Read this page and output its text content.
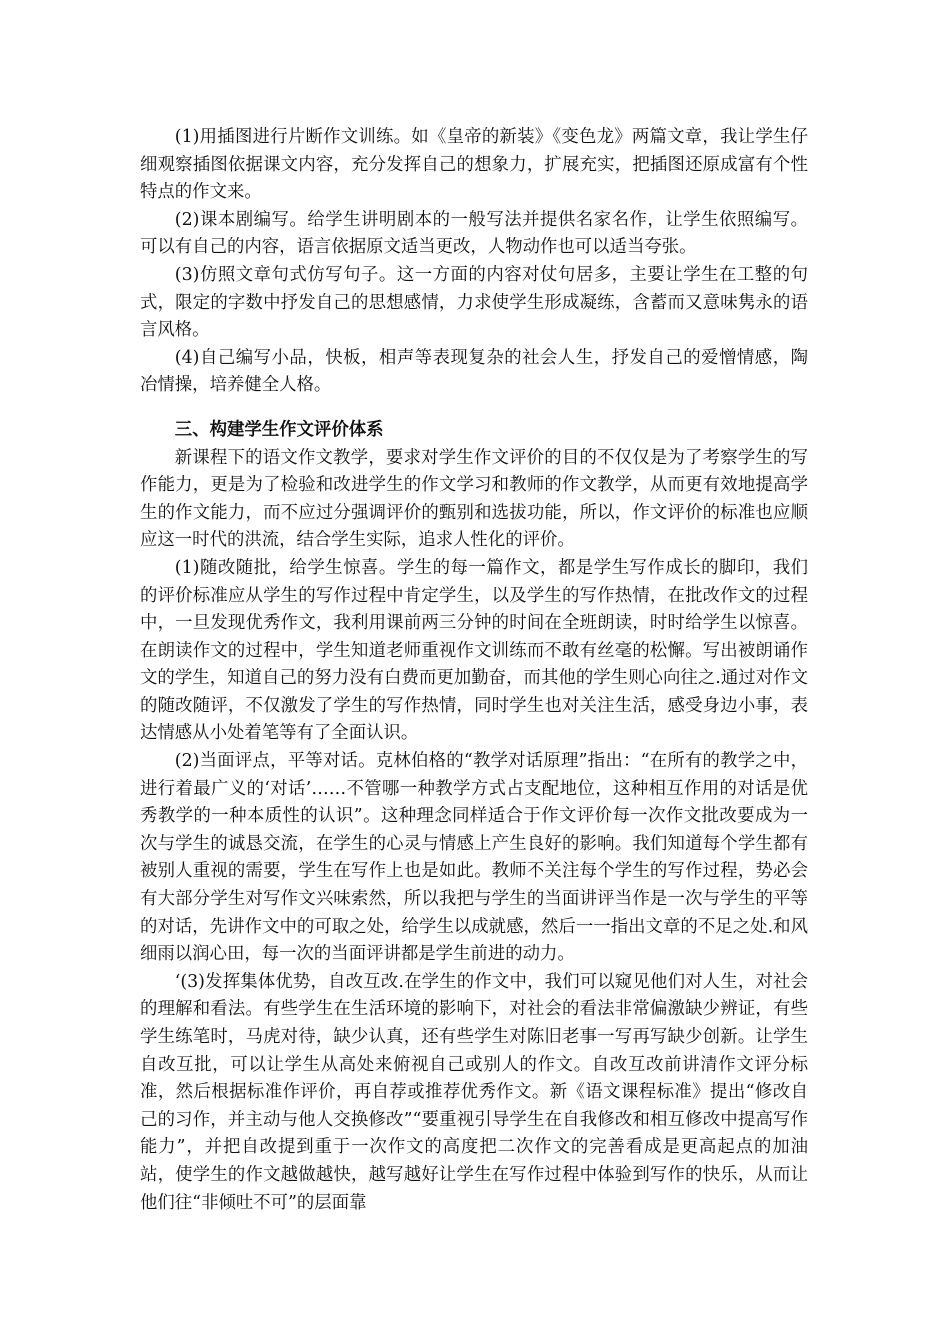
(1)用插图进行片断作文训练。如《皇帝的新装》《变色龙》两篇文章，我让学生仔细观察插图依据课文内容，充分发挥自己的想象力，扩展充实，把插图还原成富有个性特点的作文来。

(2)课本剧编写。给学生讲明剧本的一般写法并提供名家名作，让学生依照编写。可以有自己的内容，语言依据原文适当更改，人物动作也可以适当夸张。

(3)仿照文章句式仿写句子。这一方面的内容对仗句居多，主要让学生在工整的句式，限定的字数中抒发自己的思想感情，力求使学生形成凝练，含蓄而又意味隽永的语言风格。

(4)自己编写小品，快板，相声等表现复杂的社会人生，抒发自己的爱憎情感，陶冶情操，培养健全人格。

三、构建学生作文评价体系

新课程下的语文作文教学，要求对学生作文评价的目的不仅仅是为了考察学生的写作能力，更是为了检验和改进学生的作文学习和教师的作文教学，从而更有效地提高学生的作文能力，而不应过分强调评价的甄别和选拔功能，所以，作文评价的标准也应顺应这一时代的洪流，结合学生实际，追求人性化的评价。

(1)随改随批，给学生惊喜。学生的每一篇作文，都是学生写作成长的脚印，我们的评价标准应从学生的写作过程中肯定学生，以及学生的写作热情，在批改作文的过程中，一旦发现优秀作文，我利用课前两三分钟的时间在全班朗读，时时给学生以惊喜。在朗读作文的过程中，学生知道老师重视作文训练而不敢有丝毫的松懈。写出被朗诵作文的学生，知道自己的努力没有白费而更加勤奋，而其他的学生则心向往之.通过对作文的随改随评，不仅激发了学生的写作热情，同时学生也对关注生活，感受身边小事，表达情感从小处着笔等有了全面认识。

(2)当面评点，平等对话。克林伯格的“教学对话原理”指出：“在所有的教学之中，进行着最广义的‘对话’……不管哪一种教学方式占支配地位，这种相互作用的对话是优秀教学的一种本质性的认识”。这种理念同样适合于作文评价每一次作文批改要成为一次与学生的诚恳交流，在学生的心灵与情感上产生良好的影响。我们知道每个学生都有被别人重视的需要，学生在写作上也是如此。教师不关注每个学生的写作过程，势必会有大部分学生对写作文兴味索然，所以我把与学生的当面讲评当作是一次与学生的平等的对话，先讲作文中的可取之处，给学生以成就感，然后一一指出文章的不足之处.和风细雨以润心田，每一次的当面评讲都是学生前进的动力。

‘(3)发挥集体优势，自改互改.在学生的作文中，我们可以窥见他们对人生，对社会的理解和看法。有些学生在生活环境的影响下，对社会的看法非常偏激缺少辨证，有些学生练笔时，马虎对待，缺少认真，还有些学生对陈旧老事一写再写缺少创新。让学生自改互批，可以让学生从高处来俯视自己或别人的作文。自改互改前讲清作文评分标准，然后根据标准作评价，再自荐或推荐优秀作文。新《语文课程标准》提出“修改自己的习作，并主动与他人交换修改”“要重视引导学生在自我修改和相互修改中提高写作能力”，并把自改提到重于一次作文的高度把二次作文的完善看成是更高起点的加油站，使学生的作文越做越快，越写越好让学生在写作过程中体验到写作的快乐，从而让他们往“非倾吐不可”的层面靠
